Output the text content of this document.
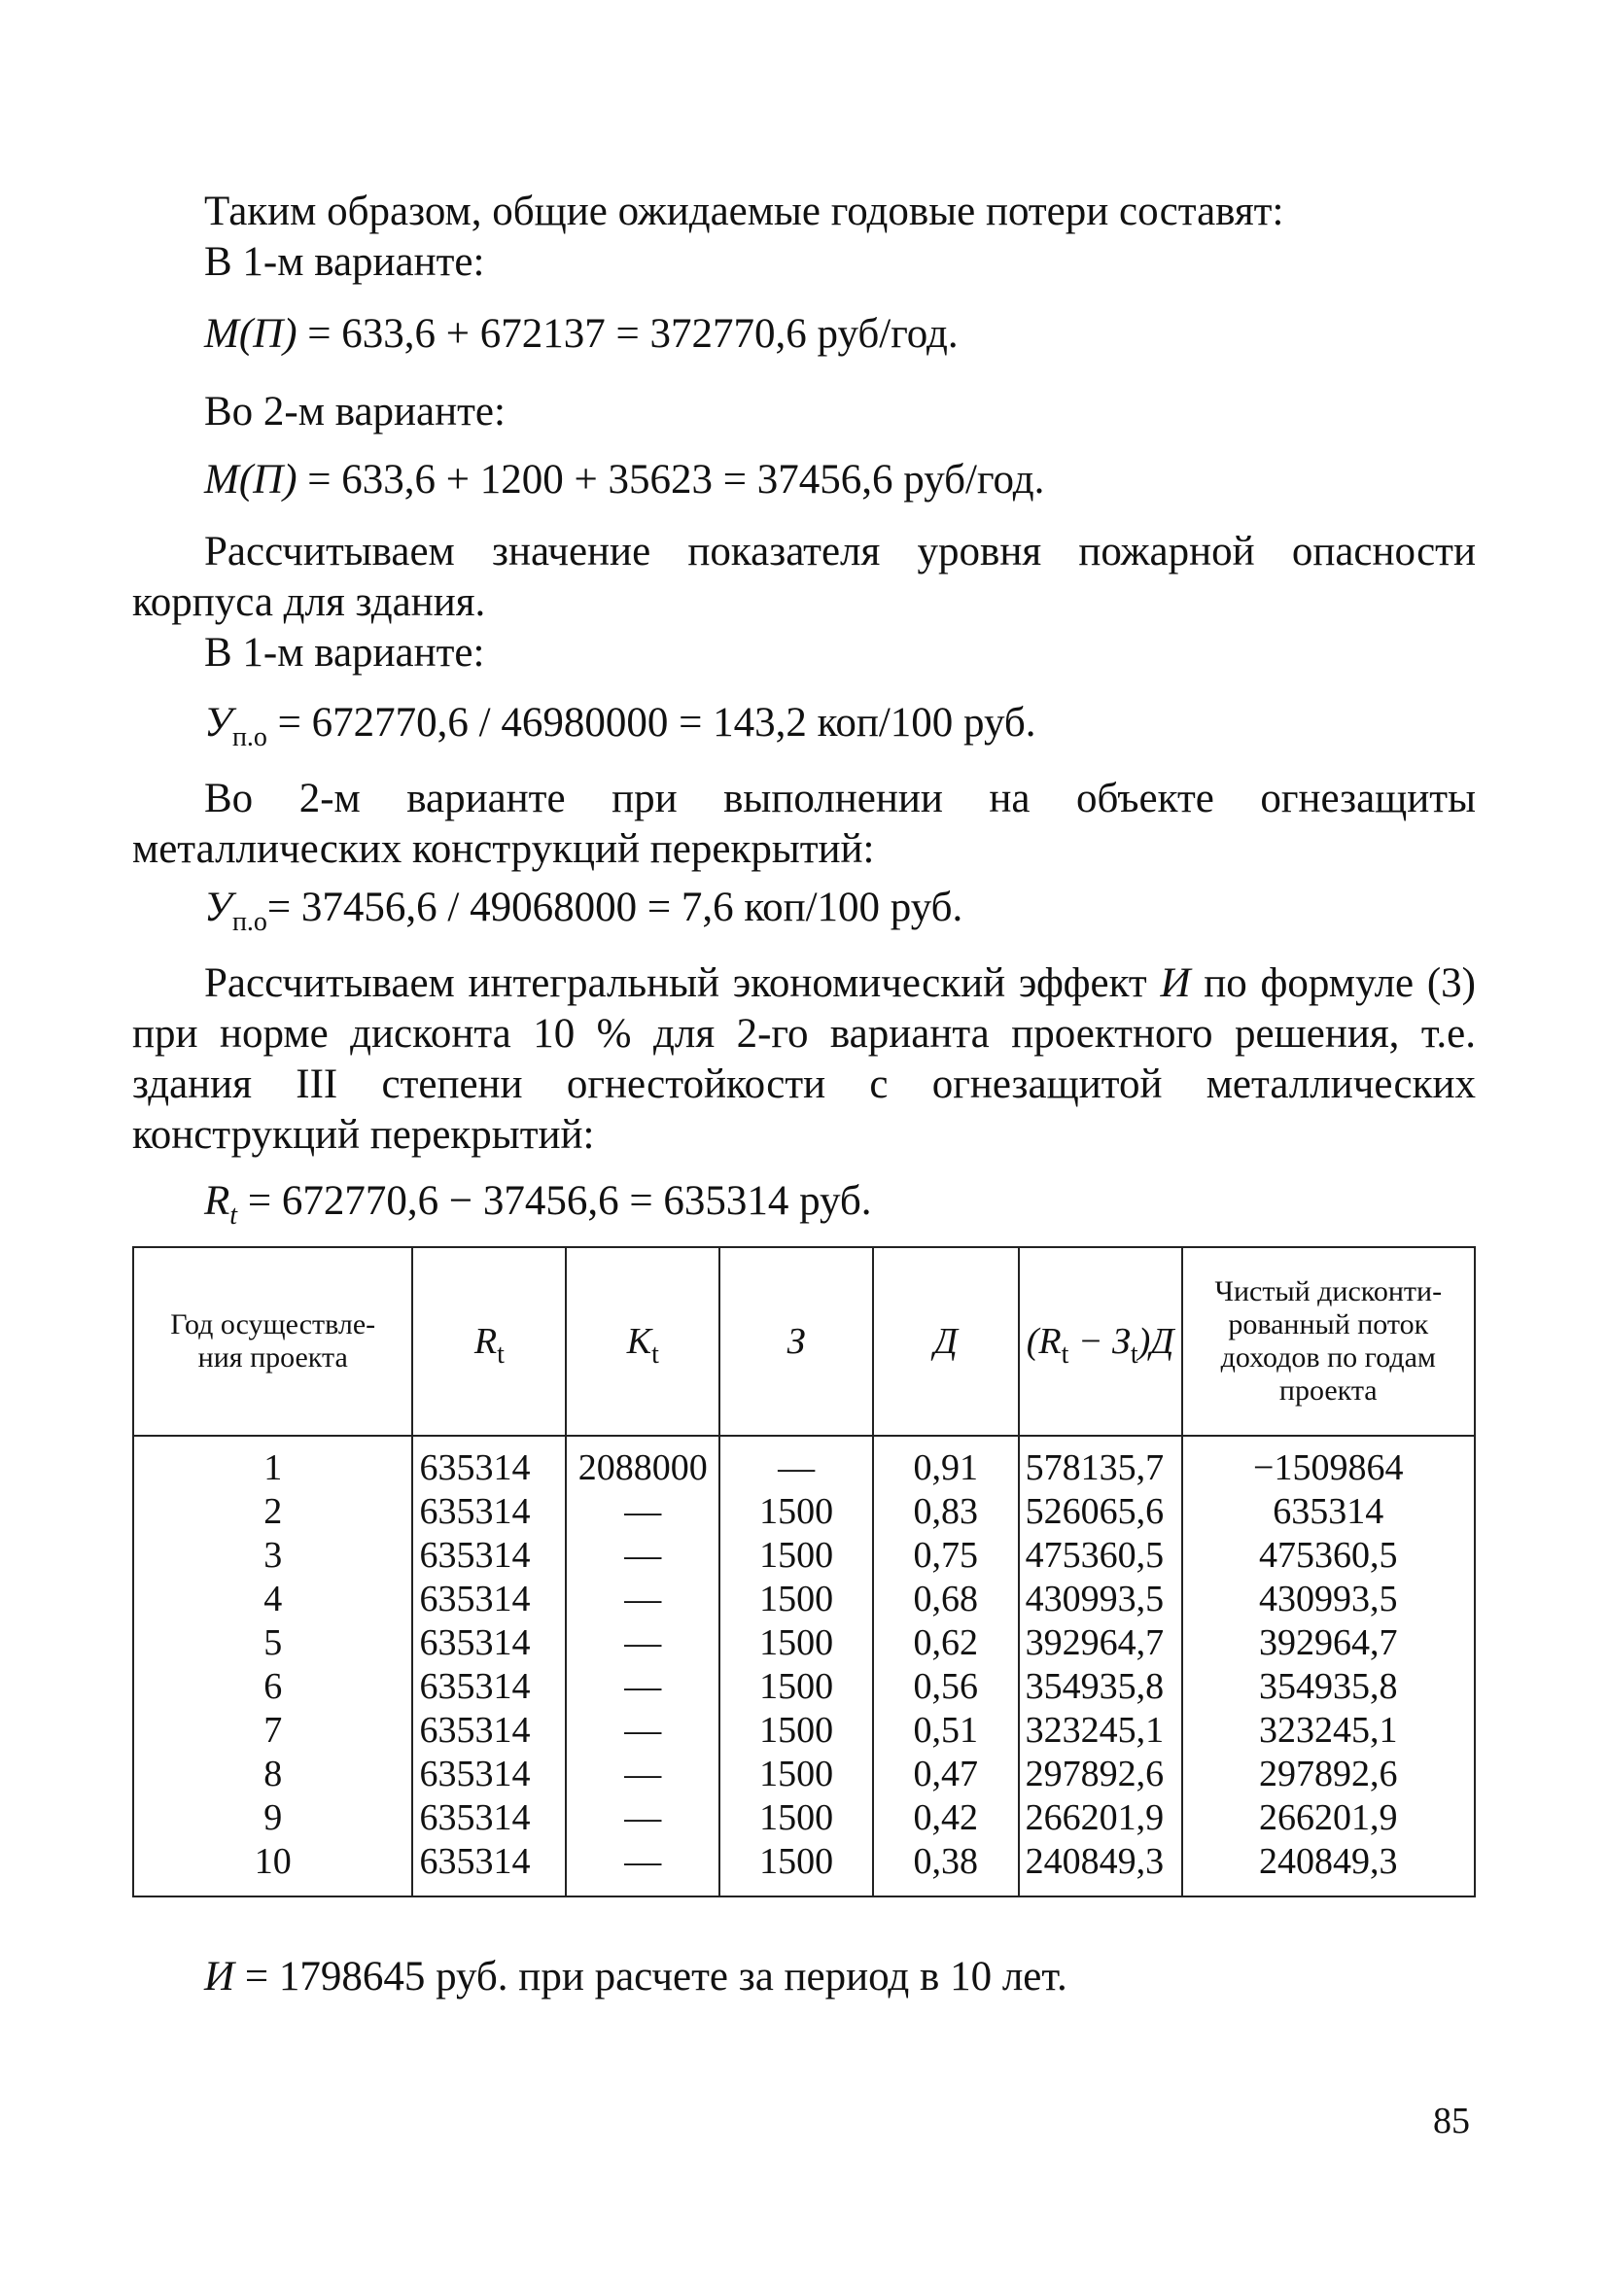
Таким образом, общие ожидаемые годовые потери составят:
В 1-м варианте:
М(П) = 633,6 + 672137 = 372770,6 руб/год.
Во 2-м варианте:
М(П) = 633,6 + 1200 + 35623 = 37456,6 руб/год.
Рассчитываем значение показателя уровня пожарной опасности корпуса для здания.
В 1-м варианте:
$У_{п.о} = 672770,6 / 46980000 = 143,2$ коп/100 руб.
Во 2-м варианте при выполнении на объекте огнезащиты металлических конструкций перекрытий:
$У_{п.о}= 37456,6 / 49068000 = 7,6$ коп/100 руб.
Рассчитываем интегральный экономический эффект И по формуле (3) при норме дисконта 10 % для 2-го варианта проектного решения, т.е. здания III степени огнестойкости с огнезащитой металлических конструкций перекрытий:
$R_t = 672770,6 - 37456,6 = 635314$ руб.
Год осуществле-
ния проекта	$R_t$	$K_t$	З	Д	$(R_t - З_t)Д$	Чистый дисконти-
рованный поток
доходов по годам
проекта
1	635314	2088000	—	0,91	578135,7	−1509864
2	635314	—	1500	0,83	526065,6	635314
3	635314	—	1500	0,75	475360,5	475360,5
4	635314	—	1500	0,68	430993,5	430993,5
5	635314	—	1500	0,62	392964,7	392964,7
6	635314	—	1500	0,56	354935,8	354935,8
7	635314	—	1500	0,51	323245,1	323245,1
8	635314	—	1500	0,47	297892,6	297892,6
9	635314	—	1500	0,42	266201,9	266201,9
10	635314	—	1500	0,38	240849,3	240849,3
И = 1798645 руб. при расчете за период в 10 лет.
85
